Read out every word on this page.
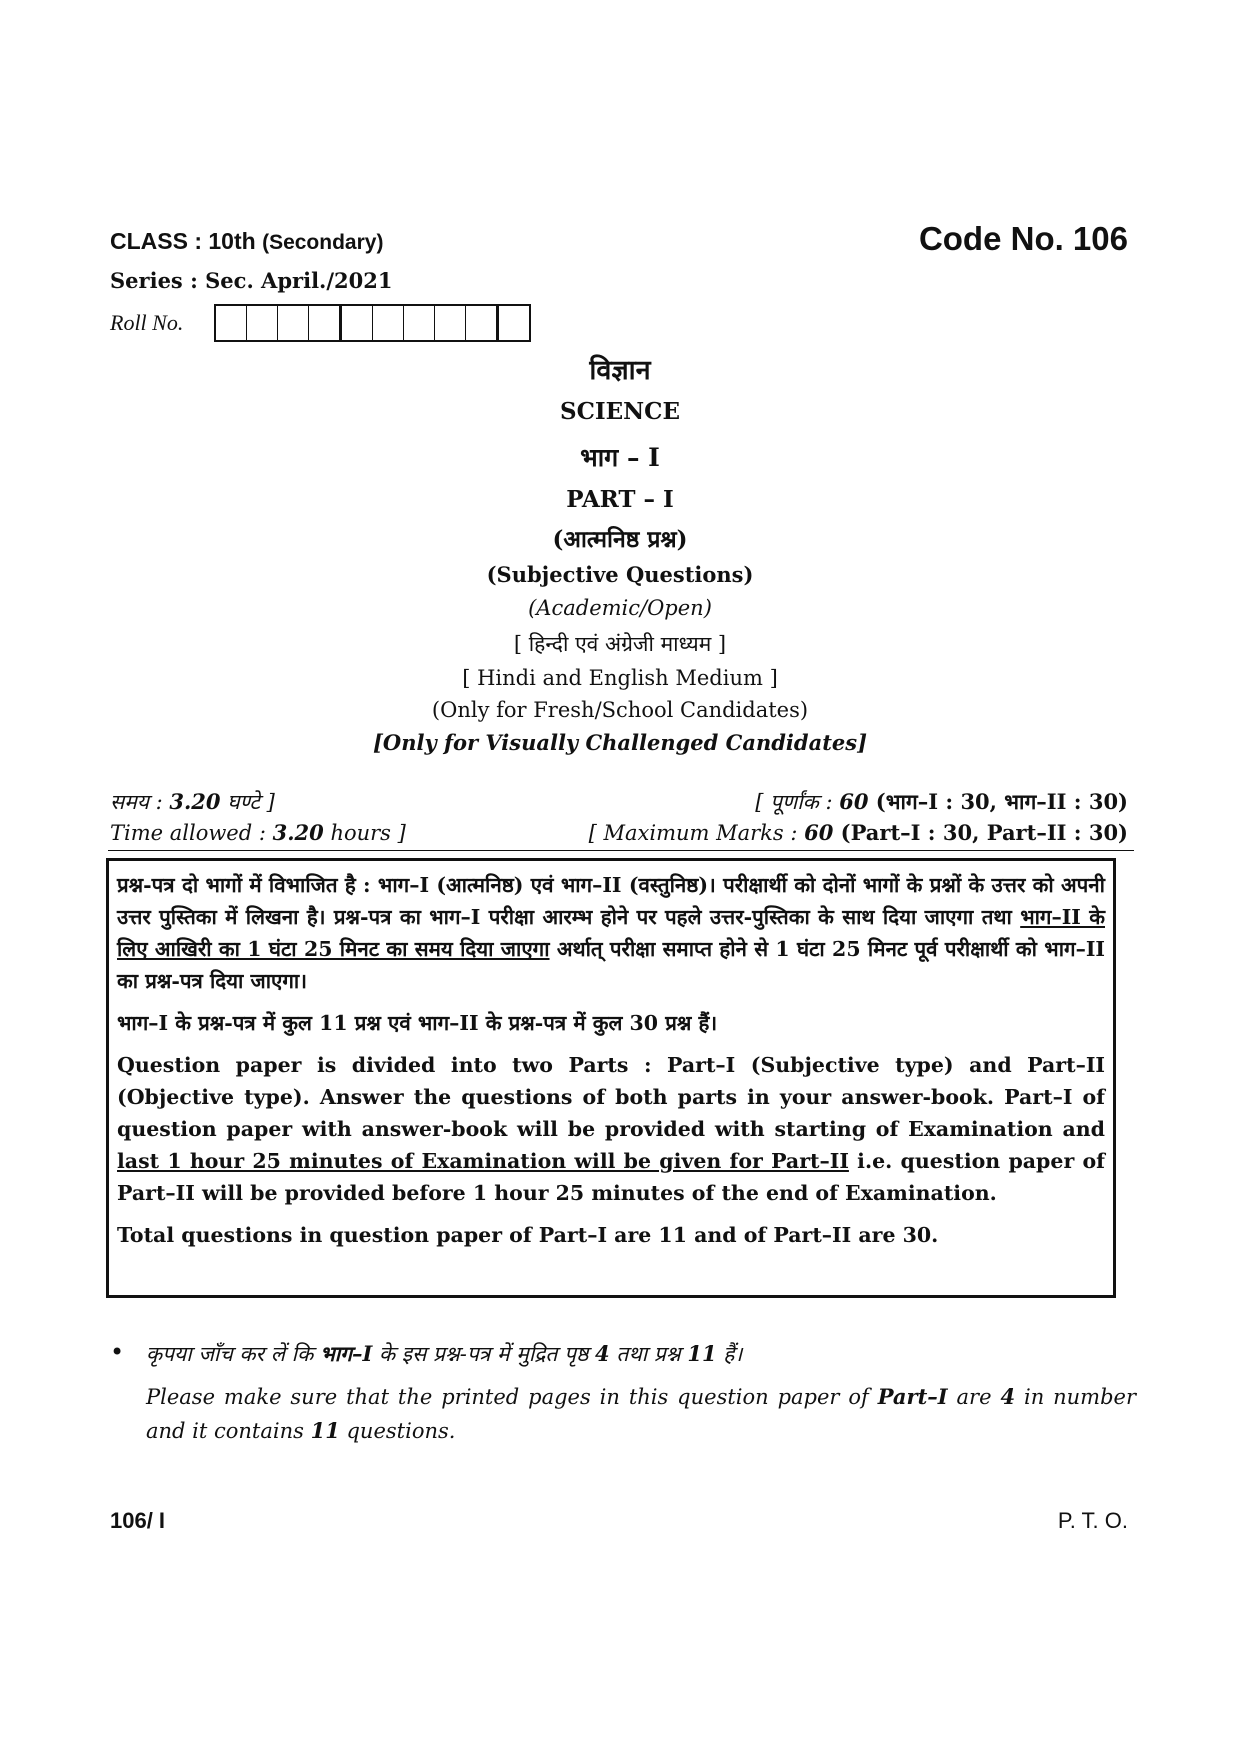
CLASS : 10th (Secondary)	Code No. 106
Series : Sec. April./2021
Roll No.
विज्ञान
SCIENCE
भाग – I
PART – I
(आत्मनिष्ठ प्रश्न)
(Subjective Questions)
(Academic/Open)
[ हिन्दी एवं अंग्रेजी माध्यम ]
[ Hindi and English Medium ]
(Only for Fresh/School Candidates)
[Only for Visually Challenged Candidates]
समय : 3.20 घण्टे ]	[ पूर्णांक : 60 (भाग–I : 30, भाग–II : 30)
Time allowed : 3.20 hours ]	[ Maximum Marks : 60 (Part–I : 30, Part–II : 30)

प्रश्न-पत्र दो भागों में विभाजित है : भाग–I (आत्मनिष्ठ) एवं भाग–II (वस्तुनिष्ठ)। परीक्षार्थी को दोनों भागों के प्रश्नों के उत्तर को अपनी उत्तर पुस्तिका में लिखना है। प्रश्न-पत्र का भाग–I परीक्षा आरम्भ होने पर पहले उत्तर-पुस्तिका के साथ दिया जाएगा तथा भाग–II के लिए आखिरी का 1 घंटा 25 मिनट का समय दिया जाएगा अर्थात् परीक्षा समाप्त होने से 1 घंटा 25 मिनट पूर्व परीक्षार्थी को भाग–II का प्रश्न-पत्र दिया जाएगा।

भाग–I के प्रश्न-पत्र में कुल 11 प्रश्न एवं भाग–II के प्रश्न-पत्र में कुल 30 प्रश्न हैं।

Question paper is divided into two Parts : Part–I (Subjective type) and Part–II (Objective type). Answer the questions of both parts in your answer-book. Part–I of question paper with answer-book will be provided with starting of Examination and last 1 hour 25 minutes of Examination will be given for Part–II i.e. question paper of Part–II will be provided before 1 hour 25 minutes of the end of Examination.

Total questions in question paper of Part–I are 11 and of Part–II are 30.

• कृपया जाँच कर लें कि भाग–I के इस प्रश्न-पत्र में मुद्रित पृष्ठ 4 तथा प्रश्न 11 हैं।
Please make sure that the printed pages in this question paper of Part–I are 4 in number and it contains 11 questions.
106/ I	P. T. O.
